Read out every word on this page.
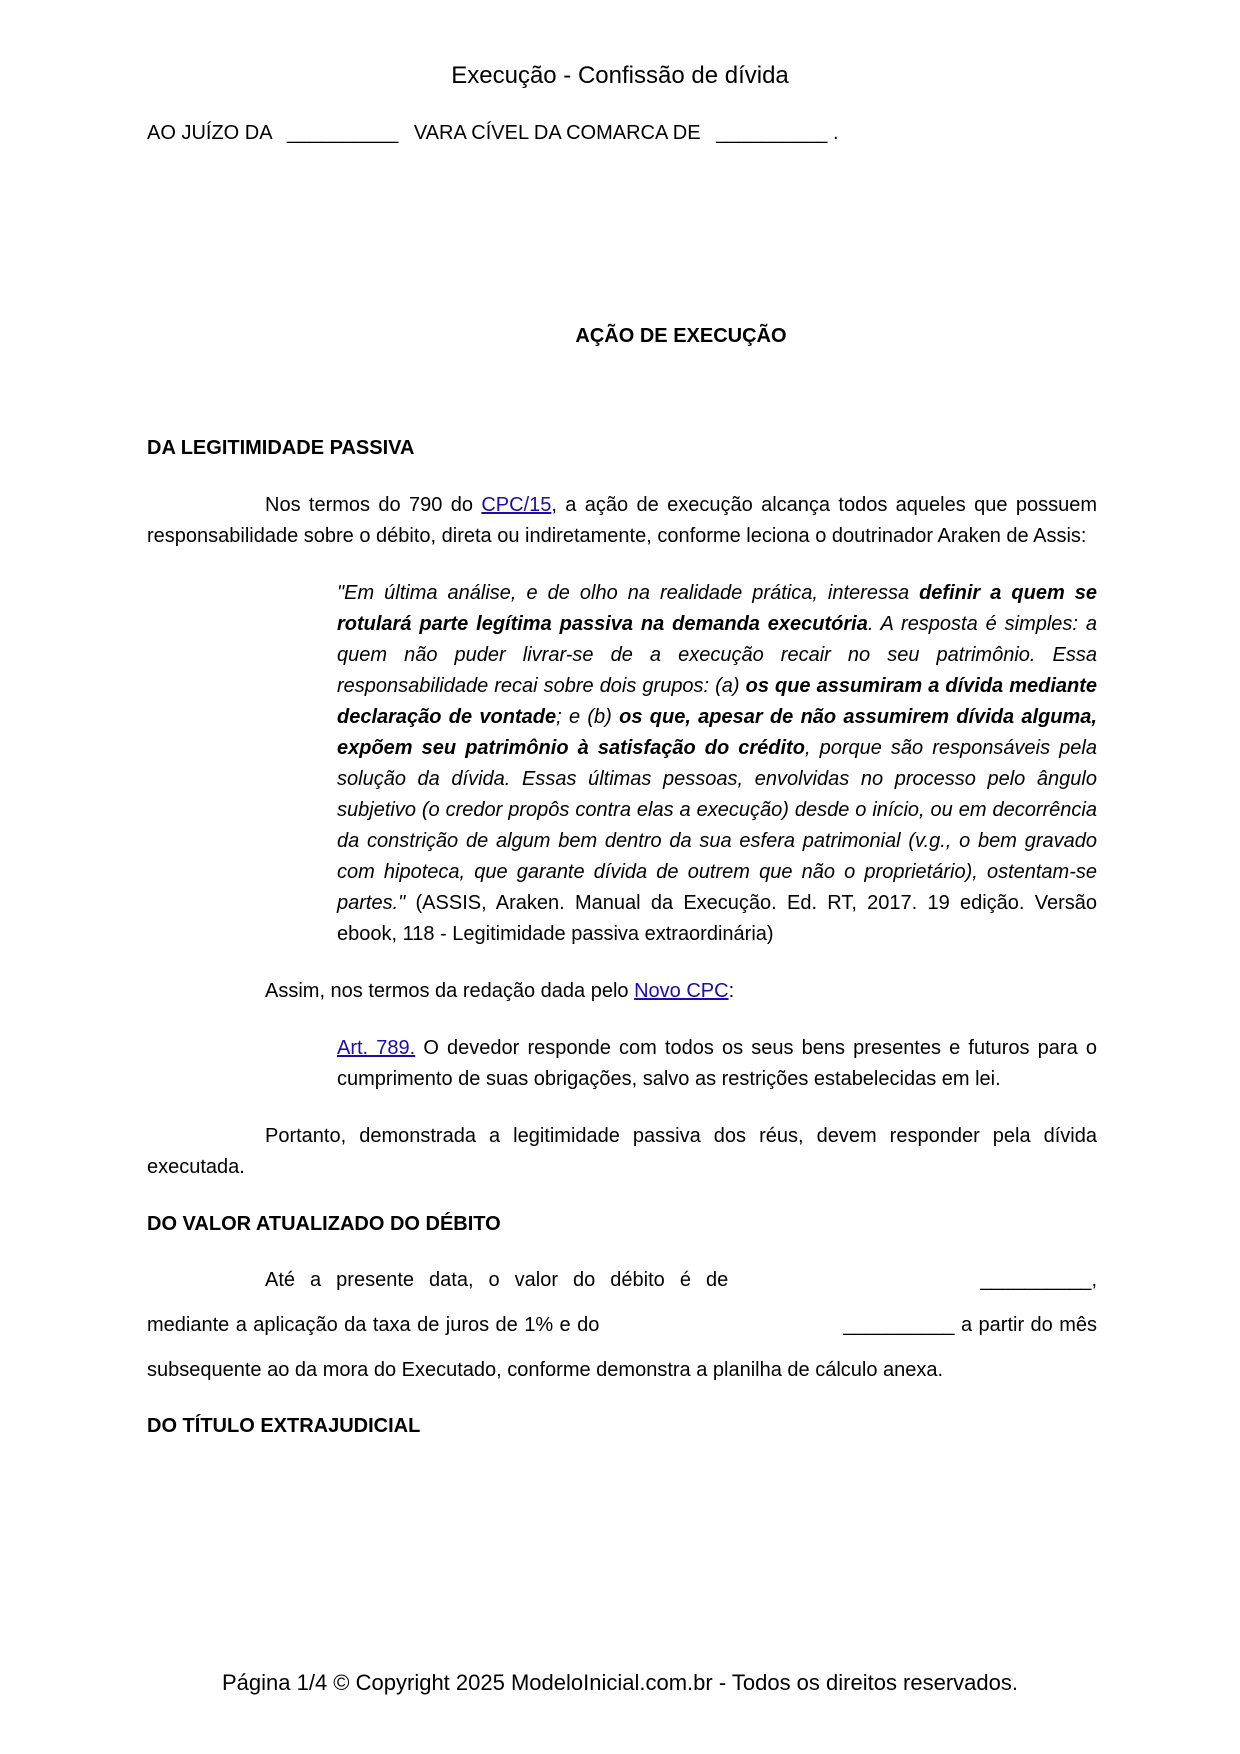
Execução - Confissão de dívida

AO JUÍZO DA __________ VARA CÍVEL DA COMARCA DE __________ .

AÇÃO DE EXECUÇÃO

DA LEGITIMIDADE PASSIVA

Nos termos do 790 do CPC/15, a ação de execução alcança todos aqueles que possuem responsabilidade sobre o débito, direta ou indiretamente, conforme leciona o doutrinador Araken de Assis:

"Em última análise, e de olho na realidade prática, interessa definir a quem se rotulará parte legítima passiva na demanda executória. A resposta é simples: a quem não puder livrar-se de a execução recair no seu patrimônio. Essa responsabilidade recai sobre dois grupos: (a) os que assumiram a dívida mediante declaração de vontade; e (b) os que, apesar de não assumirem dívida alguma, expõem seu patrimônio à satisfação do crédito, porque são responsáveis pela solução da dívida. Essas últimas pessoas, envolvidas no processo pelo ângulo subjetivo (o credor propôs contra elas a execução) desde o início, ou em decorrência da constrição de algum bem dentro da sua esfera patrimonial (v.g., o bem gravado com hipoteca, que garante dívida de outrem que não o proprietário), ostentam-se partes." (ASSIS, Araken. Manual da Execução. Ed. RT, 2017. 19 edição. Versão ebook, 118 - Legitimidade passiva extraordinária)

Assim, nos termos da redação dada pelo Novo CPC:

Art. 789. O devedor responde com todos os seus bens presentes e futuros para o cumprimento de suas obrigações, salvo as restrições estabelecidas em lei.

Portanto, demonstrada a legitimidade passiva dos réus, devem responder pela dívida executada.

DO VALOR ATUALIZADO DO DÉBITO

Até a presente data, o valor do débito é de	__________, mediante a aplicação da taxa de juros de 1% e do	__________ a partir do mês subsequente ao da mora do Executado, conforme demonstra a planilha de cálculo anexa.

DO TÍTULO EXTRAJUDICIAL

Página 1/4 © Copyright 2025 ModeloInicial.com.br - Todos os direitos reservados.
